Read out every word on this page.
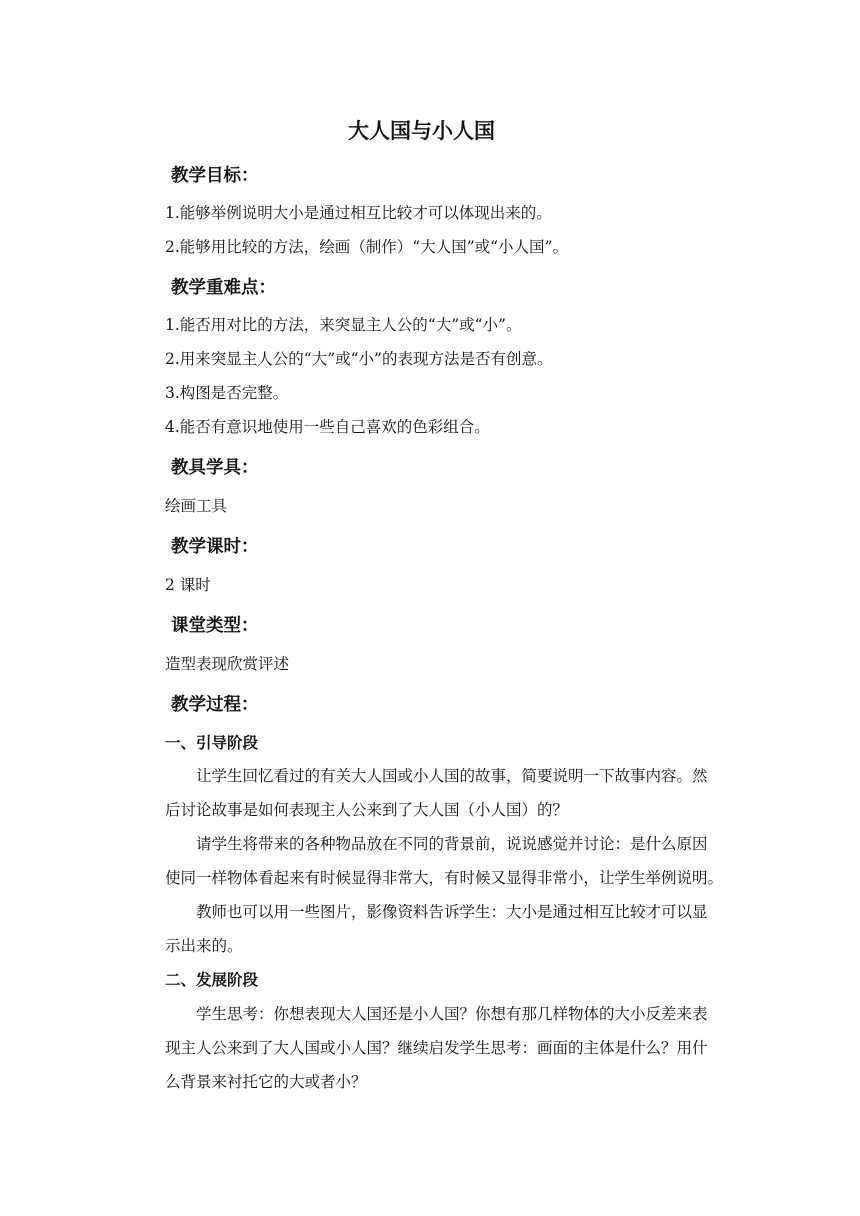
大人国与小人国
教学目标：
1.能够举例说明大小是通过相互比较才可以体现出来的。
2.能够用比较的方法，绘画（制作）“大人国”或“小人国”。
教学重难点：
1.能否用对比的方法，来突显主人公的“大”或“小”。
2.用来突显主人公的“大”或“小”的表现方法是否有创意。
3.构图是否完整。
4.能否有意识地使用一些自己喜欢的色彩组合。
教具学具：
绘画工具
教学课时：
2 课时
课堂类型：
造型表现欣赏评述
教学过程：
一、引导阶段
让学生回忆看过的有关大人国或小人国的故事，简要说明一下故事内容。然
后讨论故事是如何表现主人公来到了大人国（小人国）的？
请学生将带来的各种物品放在不同的背景前，说说感觉并讨论：是什么原因
使同一样物体看起来有时候显得非常大，有时候又显得非常小，让学生举例说明。
教师也可以用一些图片，影像资料告诉学生：大小是通过相互比较才可以显
示出来的。
二、发展阶段
学生思考：你想表现大人国还是小人国？你想有那几样物体的大小反差来表
现主人公来到了大人国或小人国？继续启发学生思考：画面的主体是什么？用什
么背景来衬托它的大或者小？
